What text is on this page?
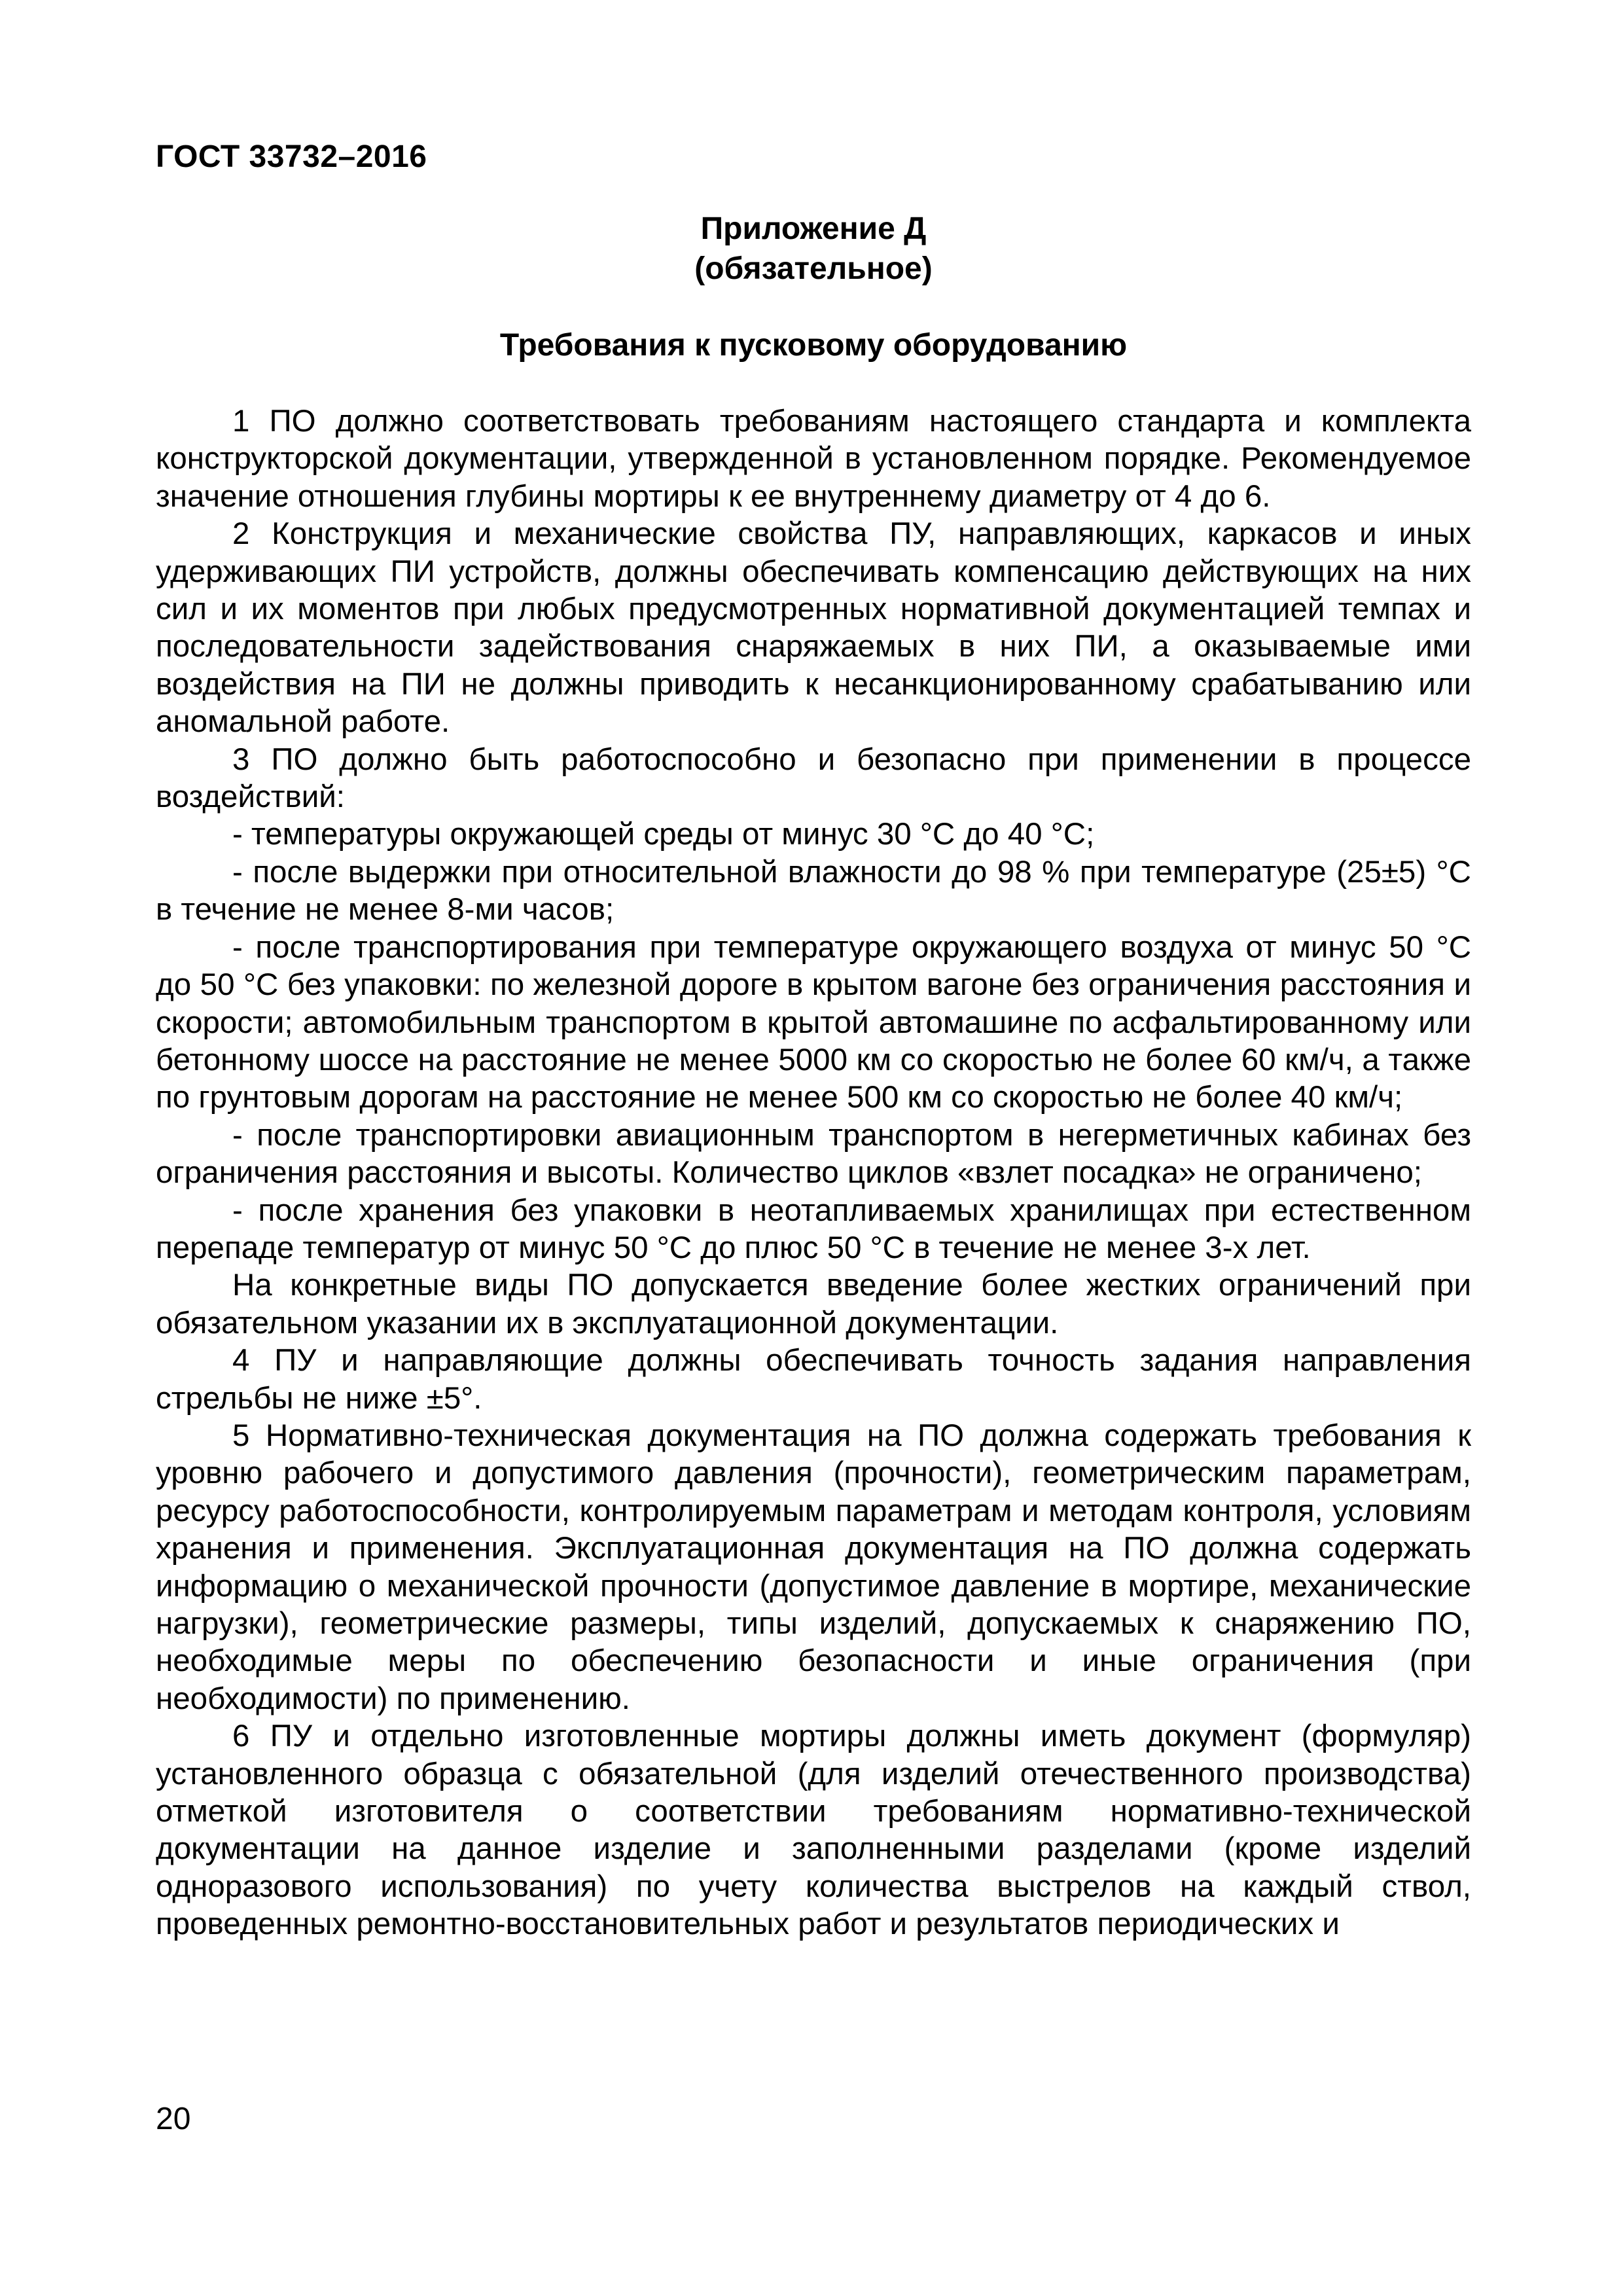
ГОСТ 33732–2016
Приложение Д
(обязательное)
Требования к пусковому оборудованию

1 ПО должно соответствовать требованиям настоящего стандарта и комплекта конструкторской документации, утвержденной в установленном порядке. Рекомендуемое значение отношения глубины мортиры к ее внутреннему диаметру от 4 до 6.

2 Конструкция и механические свойства ПУ, направляющих, каркасов и иных удерживающих ПИ устройств, должны обеспечивать компенсацию действующих на них сил и их моментов при любых предусмотренных нормативной документацией темпах и последовательности задействования снаряжаемых в них ПИ, а оказываемые ими воздействия на ПИ не должны приводить к несанкционированному срабатыванию или аномальной работе.

3 ПО должно быть работоспособно и безопасно при применении в процессе воздействий:

- температуры окружающей среды от минус 30 °С до 40 °С;

- после выдержки при относительной влажности до 98 % при температуре (25±5) °С в течение не менее 8-ми часов;

- после транспортирования при температуре окружающего воздуха от минус 50 °С до 50 °С без упаковки: по железной дороге в крытом вагоне без ограничения расстояния и скорости; автомобильным транспортом в крытой автомашине по асфальтированному или бетонному шоссе на расстояние не менее 5000 км со скоростью не более 60 км/ч, а также по грунтовым дорогам на расстояние не менее 500 км со скоростью не более 40 км/ч;

- после транспортировки авиационным транспортом в негерметичных кабинах без ограничения расстояния и высоты. Количество циклов «взлет посадка» не ограничено;

- после хранения без упаковки в неотапливаемых хранилищах при естественном перепаде температур от минус 50 °С до плюс 50 °С в течение не менее 3-х лет.

На конкретные виды ПО допускается введение более жестких ограничений при обязательном указании их в эксплуатационной документации.

4 ПУ и направляющие должны обеспечивать точность задания направления стрельбы не ниже ±5°.

5 Нормативно-техническая документация на ПО должна содержать требования к уровню рабочего и допустимого давления (прочности), геометрическим параметрам, ресурсу работоспособности, контролируемым параметрам и методам контроля, условиям хранения и применения. Эксплуатационная документация на ПО должна содержать информацию о механической прочности (допустимое давление в мортире, механические нагрузки), геометрические размеры, типы изделий, допускаемых к снаряжению ПО, необходимые меры по обеспечению безопасности и иные ограничения (при необходимости) по применению.

6 ПУ и отдельно изготовленные мортиры должны иметь документ (формуляр) установленного образца с обязательной (для изделий отечественного производства) отметкой изготовителя о соответствии требованиям нормативно-технической документации на данное изделие и заполненными разделами (кроме изделий одноразового использования) по учету количества выстрелов на каждый ствол, проведенных ремонтно-восстановительных работ и результатов периодических и

20
